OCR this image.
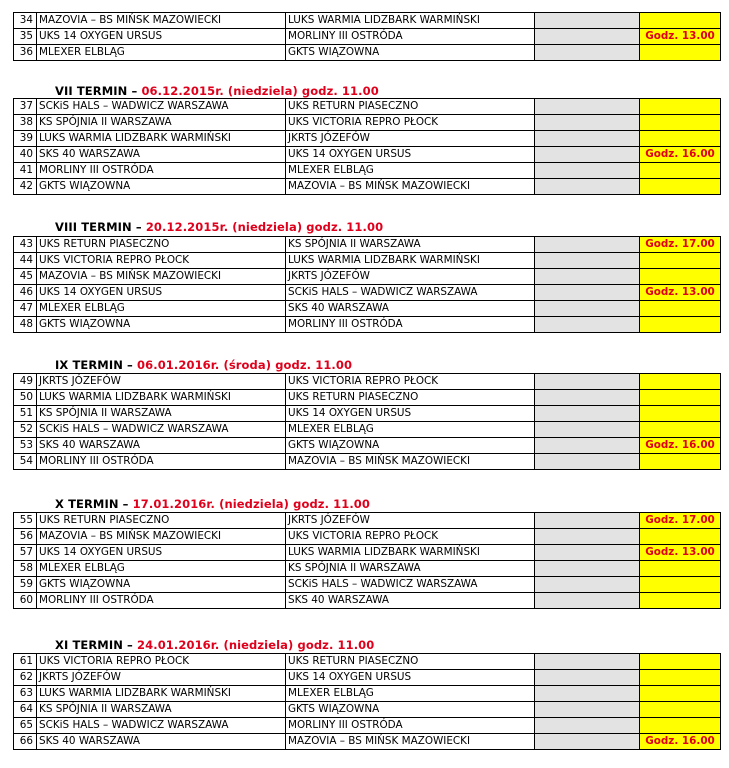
34	MAZOVIA – BS MIŃSK MAZOWIECKI	LUKS WARMIA LIDZBARK WARMIŃSKI		
35	UKS 14 OXYGEN URSUS	MORLINY III OSTRÓDA		Godz. 13.00
36	MLEXER ELBLĄG	GKTS WIĄZOWNA		
VII TERMIN – 06.12.2015r. (niedziela) godz. 11.00
37	SCKiS HALS – WADWICZ WARSZAWA	UKS RETURN PIASECZNO		
38	KS SPÓJNIA II WARSZAWA	UKS VICTORIA REPRO PŁOCK		
39	LUKS WARMIA LIDZBARK WARMIŃSKI	JKRTS JÓZEFÓW		
40	SKS 40 WARSZAWA	UKS 14 OXYGEN URSUS		Godz. 16.00
41	MORLINY III OSTRÓDA	MLEXER ELBLĄG		
42	GKTS WIĄZOWNA	MAZOVIA – BS MIŃSK MAZOWIECKI		
VIII TERMIN – 20.12.2015r. (niedziela) godz. 11.00
43	UKS RETURN PIASECZNO	KS SPÓJNIA II WARSZAWA		Godz. 17.00
44	UKS VICTORIA REPRO PŁOCK	LUKS WARMIA LIDZBARK WARMIŃSKI		
45	MAZOVIA – BS MIŃSK MAZOWIECKI	JKRTS JÓZEFÓW		
46	UKS 14 OXYGEN URSUS	SCKiS HALS – WADWICZ WARSZAWA		Godz. 13.00
47	MLEXER ELBLĄG	SKS 40 WARSZAWA		
48	GKTS WIĄZOWNA	MORLINY III OSTRÓDA		
IX TERMIN – 06.01.2016r. (środa) godz. 11.00
49	JKRTS JÓZEFÓW	UKS VICTORIA REPRO PŁOCK		
50	LUKS WARMIA LIDZBARK WARMIŃSKI	UKS RETURN PIASECZNO		
51	KS SPÓJNIA II WARSZAWA	UKS 14 OXYGEN URSUS		
52	SCKiS HALS – WADWICZ WARSZAWA	MLEXER ELBLĄG		
53	SKS 40 WARSZAWA	GKTS WIĄZOWNA		Godz. 16.00
54	MORLINY III OSTRÓDA	MAZOVIA – BS MIŃSK MAZOWIECKI		
X TERMIN – 17.01.2016r. (niedziela) godz. 11.00
55	UKS RETURN PIASECZNO	JKRTS JÓZEFÓW		Godz. 17.00
56	MAZOVIA – BS MIŃSK MAZOWIECKI	UKS VICTORIA REPRO PŁOCK		
57	UKS 14 OXYGEN URSUS	LUKS WARMIA LIDZBARK WARMIŃSKI		Godz. 13.00
58	MLEXER ELBLĄG	KS SPÓJNIA II WARSZAWA		
59	GKTS WIĄZOWNA	SCKiS HALS – WADWICZ WARSZAWA		
60	MORLINY III OSTRÓDA	SKS 40 WARSZAWA		
XI TERMIN – 24.01.2016r. (niedziela) godz. 11.00
61	UKS VICTORIA REPRO PŁOCK	UKS RETURN PIASECZNO		
62	JKRTS JÓZEFÓW	UKS 14 OXYGEN URSUS		
63	LUKS WARMIA LIDZBARK WARMIŃSKI	MLEXER ELBLĄG		
64	KS SPÓJNIA II WARSZAWA	GKTS WIĄZOWNA		
65	SCKiS HALS – WADWICZ WARSZAWA	MORLINY III OSTRÓDA		
66	SKS 40 WARSZAWA	MAZOVIA – BS MIŃSK MAZOWIECKI		Godz. 16.00
